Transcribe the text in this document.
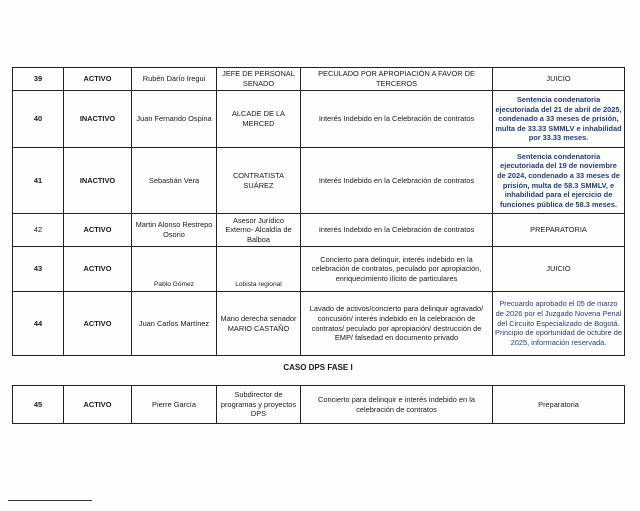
39	ACTIVO	Rubén Darío Iregui	JEFE DE PERSONAL SENADO	PECULADO POR APROPIACIÓN A FAVOR DE TERCEROS	JUICIO
40	INACTIVO	Juan Fernando Ospina	ALCADE DE LA MERCED	Interés Indebido en la Celebración de contratos	Sentencia condenatoria ejecutoriada del 21 de abril de 2025, condenado a 33 meses de prisión, multa de 33.33 SMMLV e inhabilidad por 33.33 meses.
41	INACTIVO	Sebastián Vera	CONTRATISTA SUÁREZ	Interés Indebido en la Celebración de contratos	Sentencia condenatoria ejecutoriada del 19 de noviembre de 2024, condenado a 33 meses de prisión, multa de 58.3 SMMLV, e inhabilidad para el ejercicio de funciones pública de 58.3 meses.
42	ACTIVO	Martin Alonso Restrepo Osorio	Asesor Jurídico Externo- Alcaldía de Balboa	Interés Indebido en la Celebración de contratos	PREPARATORIA
43	ACTIVO	Pablo Gómez	Lobista regional	Concierto para delinquir, interés indebido en la celebración de contratos, peculado por apropiación, enriquecimiento ilícito de particulares	JUICIO
44	ACTIVO	Juan Carlos Martínez	Mano derecha senador MARIO CASTAÑO	Lavado de activos/concierto para delinquir agravado/ concusión/ interés indebido en la celebración de contratos/ peculado por apropiación/ destrucción de EMP/ falsedad en documento privado	Precuardo aprobado el 05 de marzo de 2026 por el Juzgado Novena Penal del Circuito Especializado de Bogotá. Principio de oportunidad de octubre de 2025, información reservada.
CASO DPS FASE I
45	ACTIVO	Pierre García	Subdirector de programas y proyectos DPS	Concierto para delinquir e interés indebido en la celebración de contratos	Preparatoria
